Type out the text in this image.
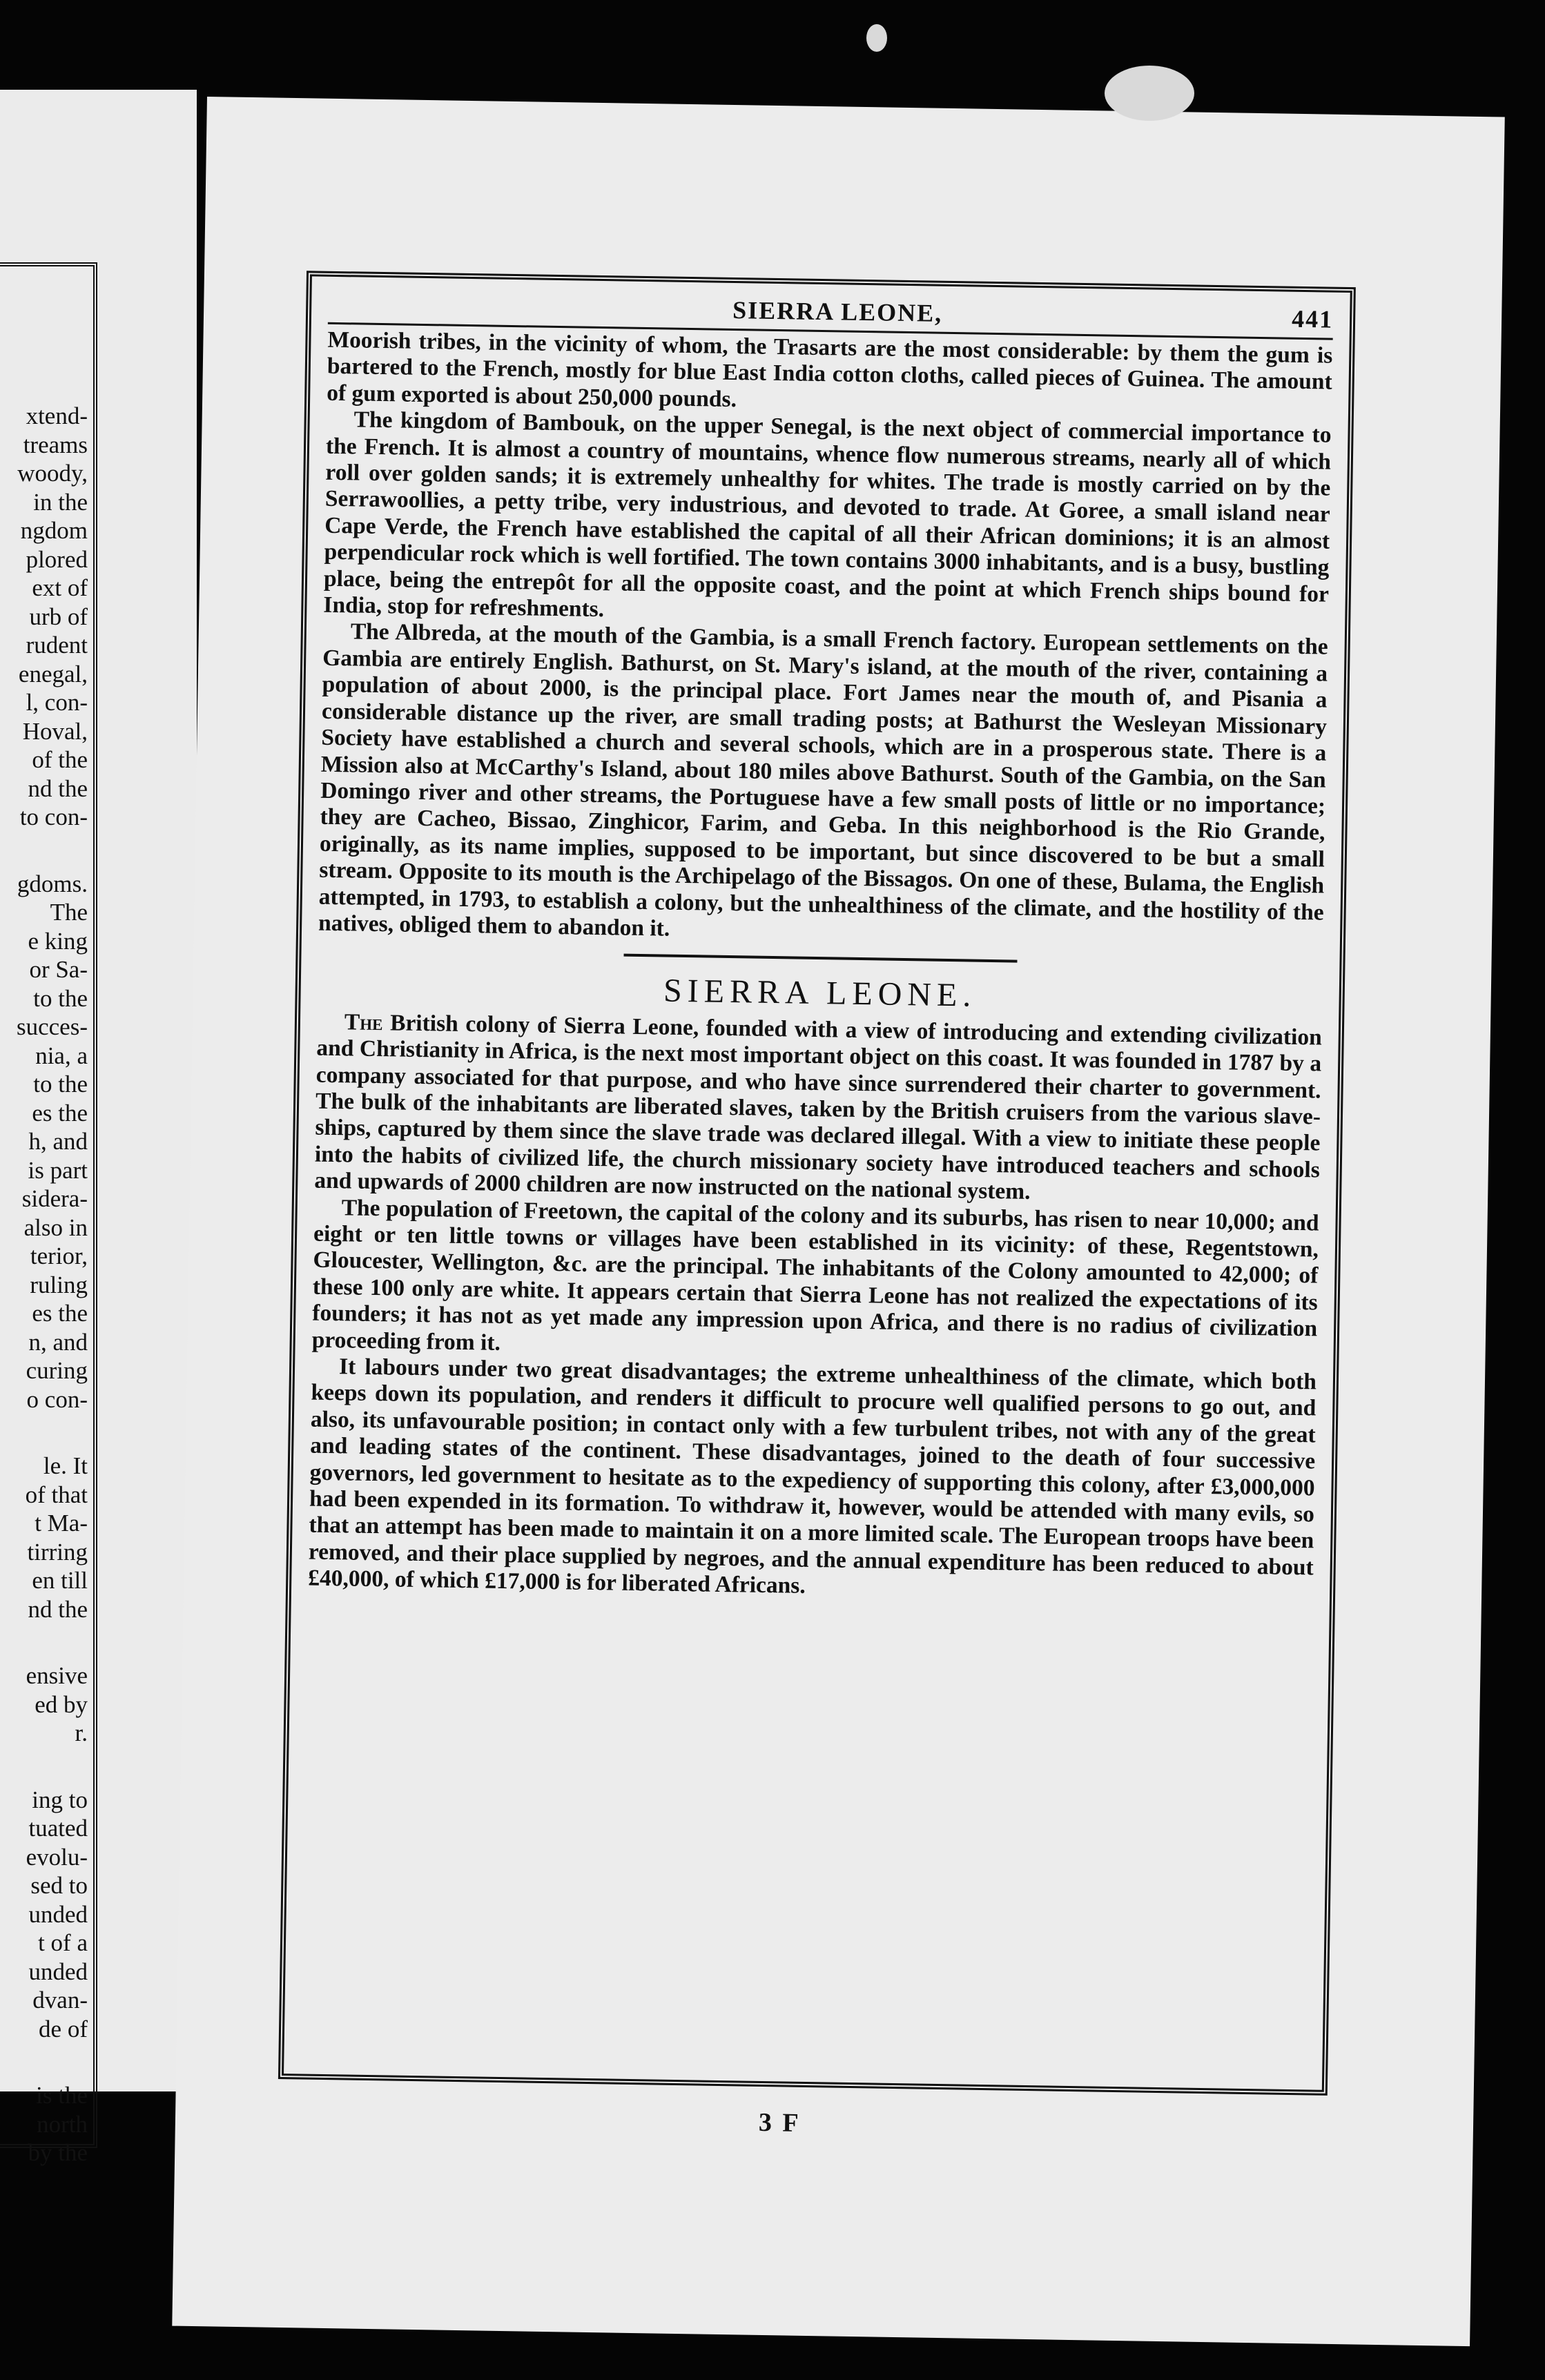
xtend-
treams
woody,
in the
ngdom
plored
ext of
urb of
rudent
enegal,
l, con-
Hoval,
of the
nd the
to con-
gdoms.
The
e king
or Sa-
to the
succes-
nia, a
to the
es the
h, and
is part
sidera-
also in
terior,
ruling
es the
n, and
curing
o con-
le. It
of that
t Ma-
tirring
en till
nd the
ensive
ed by
r.
ing to
tuated
evolu-
sed to
unded
t of a
unded
dvan-
de of
is the
north
by the
SIERRA LEONE,	441

Moorish tribes, in the vicinity of whom, the Trasarts are the most considerable: by them the gum is bartered to the French, mostly for blue East India cotton cloths, called pieces of Guinea. The amount of gum exported is about 250,000 pounds.

The kingdom of Bambouk, on the upper Senegal, is the next object of commercial importance to the French. It is almost a country of mountains, whence flow numerous streams, nearly all of which roll over golden sands; it is extremely unhealthy for whites. The trade is mostly carried on by the Serrawoollies, a petty tribe, very industrious, and devoted to trade. At Goree, a small island near Cape Verde, the French have established the capital of all their African dominions; it is an almost perpendicular rock which is well fortified. The town contains 3000 inhabitants, and is a busy, bustling place, being the entrepôt for all the opposite coast, and the point at which French ships bound for India, stop for refreshments.

The Albreda, at the mouth of the Gambia, is a small French factory. European settlements on the Gambia are entirely English. Bathurst, on St. Mary's island, at the mouth of the river, containing a population of about 2000, is the principal place. Fort James near the mouth of, and Pisania a considerable distance up the river, are small trading posts; at Bathurst the Wesleyan Missionary Society have established a church and several schools, which are in a prosperous state. There is a Mission also at McCarthy's Island, about 180 miles above Bathurst. South of the Gambia, on the San Domingo river and other streams, the Portuguese have a few small posts of little or no importance; they are Cacheo, Bissao, Zinghicor, Farim, and Geba. In this neighborhood is the Rio Grande, originally, as its name implies, supposed to be important, but since discovered to be but a small stream. Opposite to its mouth is the Archipelago of the Bissagos. On one of these, Bulama, the English attempted, in 1793, to establish a colony, but the unhealthiness of the climate, and the hostility of the natives, obliged them to abandon it.

SIERRA LEONE.

The British colony of Sierra Leone, founded with a view of introducing and extending civilization and Christianity in Africa, is the next most important object on this coast. It was founded in 1787 by a company associated for that purpose, and who have since surrendered their charter to government. The bulk of the inhabitants are liberated slaves, taken by the British cruisers from the various slave-ships, captured by them since the slave trade was declared illegal. With a view to initiate these people into the habits of civilized life, the church missionary society have introduced teachers and schools and upwards of 2000 children are now instructed on the national system.

The population of Freetown, the capital of the colony and its suburbs, has risen to near 10,000; and eight or ten little towns or villages have been established in its vicinity: of these, Regentstown, Gloucester, Wellington, &c. are the principal. The inhabitants of the Colony amounted to 42,000; of these 100 only are white. It appears certain that Sierra Leone has not realized the expectations of its founders; it has not as yet made any impression upon Africa, and there is no radius of civilization proceeding from it.

It labours under two great disadvantages; the extreme unhealthiness of the climate, which both keeps down its population, and renders it difficult to procure well qualified persons to go out, and also, its unfavourable position; in contact only with a few turbulent tribes, not with any of the great and leading states of the continent. These disadvantages, joined to the death of four successive governors, led government to hesitate as to the expediency of supporting this colony, after £3,000,000 had been expended in its formation. To withdraw it, however, would be attended with many evils, so that an attempt has been made to maintain it on a more limited scale. The European troops have been removed, and their place supplied by negroes, and the annual expenditure has been reduced to about £40,000, of which £17,000 is for liberated Africans.

3 F
